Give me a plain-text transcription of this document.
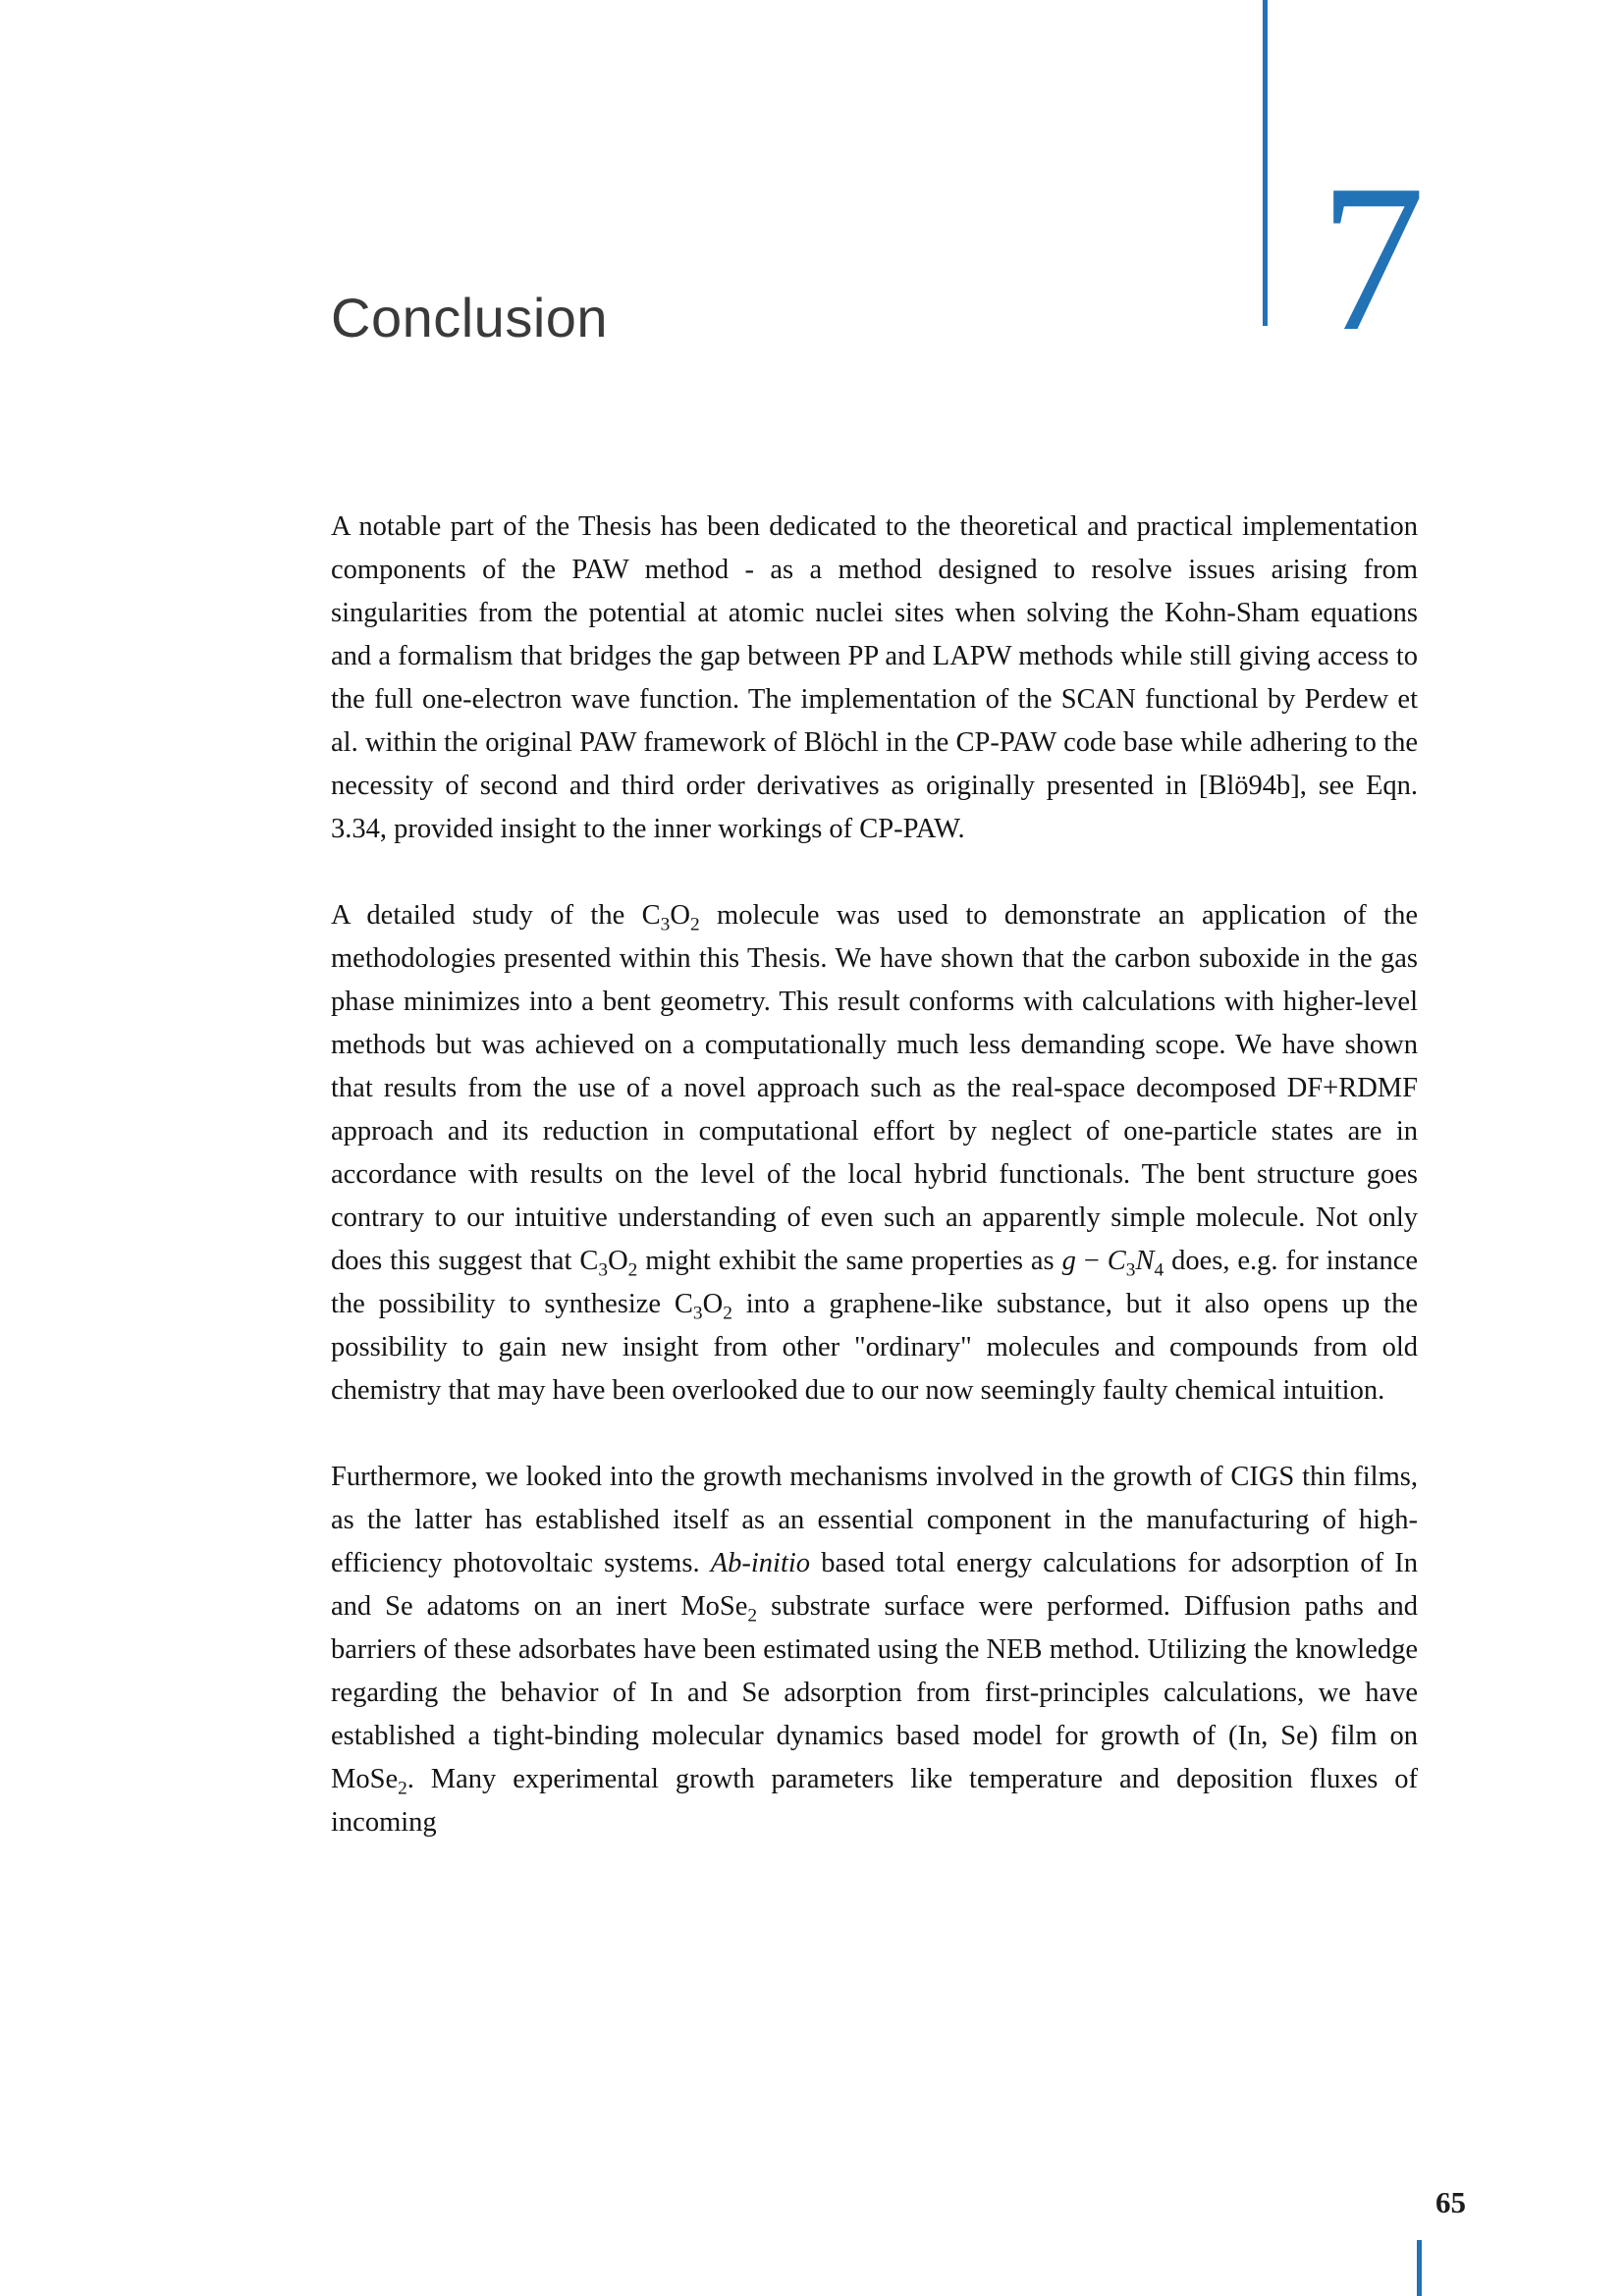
7
Conclusion

A notable part of the Thesis has been dedicated to the theoretical and practical implementation components of the PAW method - as a method designed to resolve issues arising from singularities from the potential at atomic nuclei sites when solving the Kohn-Sham equations and a formalism that bridges the gap between PP and LAPW methods while still giving access to the full one-electron wave function. The implementation of the SCAN functional by Perdew et al. within the original PAW framework of Blöchl in the CP-PAW code base while adhering to the necessity of second and third order derivatives as originally presented in [Blö94b], see Eqn. 3.34, provided insight to the inner workings of CP-PAW.

A detailed study of the $C_3O_2$ molecule was used to demonstrate an application of the methodologies presented within this Thesis. We have shown that the carbon suboxide in the gas phase minimizes into a bent geometry. This result conforms with calculations with higher-level methods but was achieved on a computationally much less demanding scope. We have shown that results from the use of a novel approach such as the real-space decomposed DF+RDMF approach and its reduction in computational effort by neglect of one-particle states are in accordance with results on the level of the local hybrid functionals. The bent structure goes contrary to our intuitive understanding of even such an apparently simple molecule. Not only does this suggest that $C_3O_2$ might exhibit the same properties as $g - C_3N_4$ does, e.g. for instance the possibility to synthesize $C_3O_2$ into a graphene-like substance, but it also opens up the possibility to gain new insight from other "ordinary" molecules and compounds from old chemistry that may have been overlooked due to our now seemingly faulty chemical intuition.

Furthermore, we looked into the growth mechanisms involved in the growth of CIGS thin films, as the latter has established itself as an essential component in the manufacturing of high-efficiency photovoltaic systems. Ab-initio based total energy calculations for adsorption of In and Se adatoms on an inert MoSe$_2$ substrate surface were performed. Diffusion paths and barriers of these adsorbates have been estimated using the NEB method. Utilizing the knowledge regarding the behavior of In and Se adsorption from first-principles calculations, we have established a tight-binding molecular dynamics based model for growth of (In, Se) film on MoSe$_2$. Many experimental growth parameters like temperature and deposition fluxes of incoming

65
